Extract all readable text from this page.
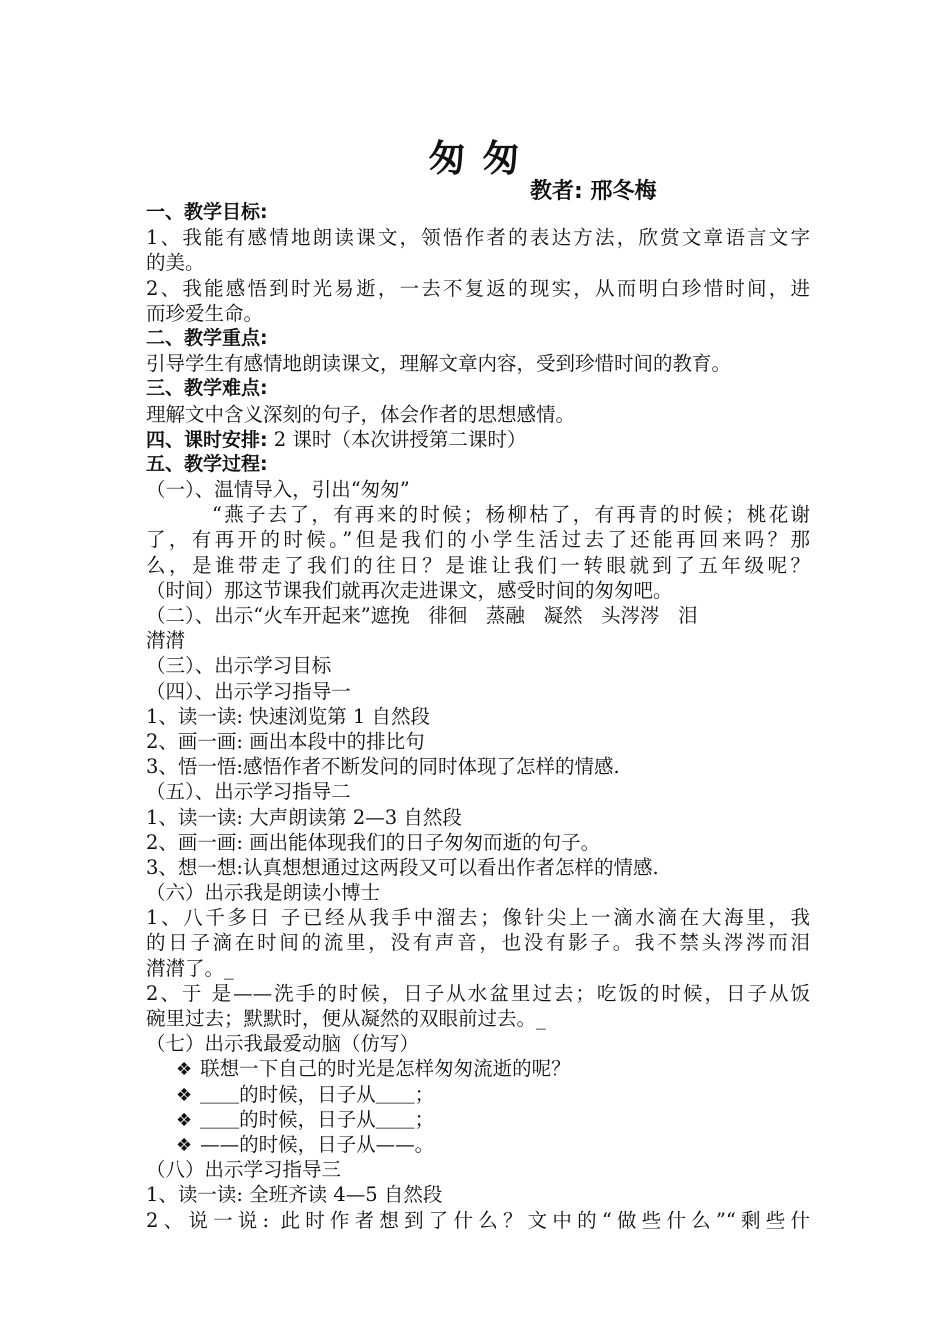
匆 匆
教者: 邢冬梅
一、教学目标:
1、我能有感情地朗读课文，领悟作者的表达方法，欣赏文章语言文字
的美。
2、我能感悟到时光易逝，一去不复返的现实，从而明白珍惜时间，进
而珍爱生命。
二、教学重点:
引导学生有感情地朗读课文，理解文章内容，受到珍惜时间的教育。
三、教学难点:
理解文中含义深刻的句子，体会作者的思想感情。
四、课时安排: 2 课时（本次讲授第二课时）
五、教学过程:
（一）、温情导入，引出“匆匆”
“燕子去了，有再来的时候；杨柳枯了，有再青的时候；桃花谢
了，有再开的时候。”但是我们的小学生活过去了还能再回来吗？那
么，是谁带走了我们的往日？是谁让我们一转眼就到了五年级呢？
（时间）那这节课我们就再次走进课文，感受时间的匆匆吧。
（二）、出示“火车开起来”遮挽   徘徊   蒸融   凝然   头涔涔   泪
潸潸
（三）、出示学习目标
（四）、出示学习指导一
1、读一读: 快速浏览第 1 自然段
2、画一画: 画出本段中的排比句
3、悟一悟:感悟作者不断发问的同时体现了怎样的情感.
（五）、出示学习指导二
1、读一读: 大声朗读第 2—3 自然段
2、画一画: 画出能体现我们的日子匆匆而逝的句子。
3、想一想:认真想想通过这两段又可以看出作者怎样的情感.
（六）出示我是朗读小博士
1、八千多日 子已经从我手中溜去；像针尖上一滴水滴在大海里，我
的日子滴在时间的流里，没有声音，也没有影子。我不禁头涔涔而泪
潸潸了。_
2、于 是——洗手的时候，日子从水盆里过去；吃饭的时候，日子从饭
碗里过去；默默时，便从凝然的双眼前过去。_
（七）出示我最爱动脑（仿写）
❖ 联想一下自己的时光是怎样匆匆流逝的呢？
❖ ＿＿的时候，日子从＿＿；
❖ ＿＿的时候，日子从＿＿；
❖ ——的时候，日子从——。
（八）出示学习指导三
1、读一读: 全班齐读 4—5 自然段
2、说一说: 此时作者想到了什么？文中的“做些什么”“剩些什
